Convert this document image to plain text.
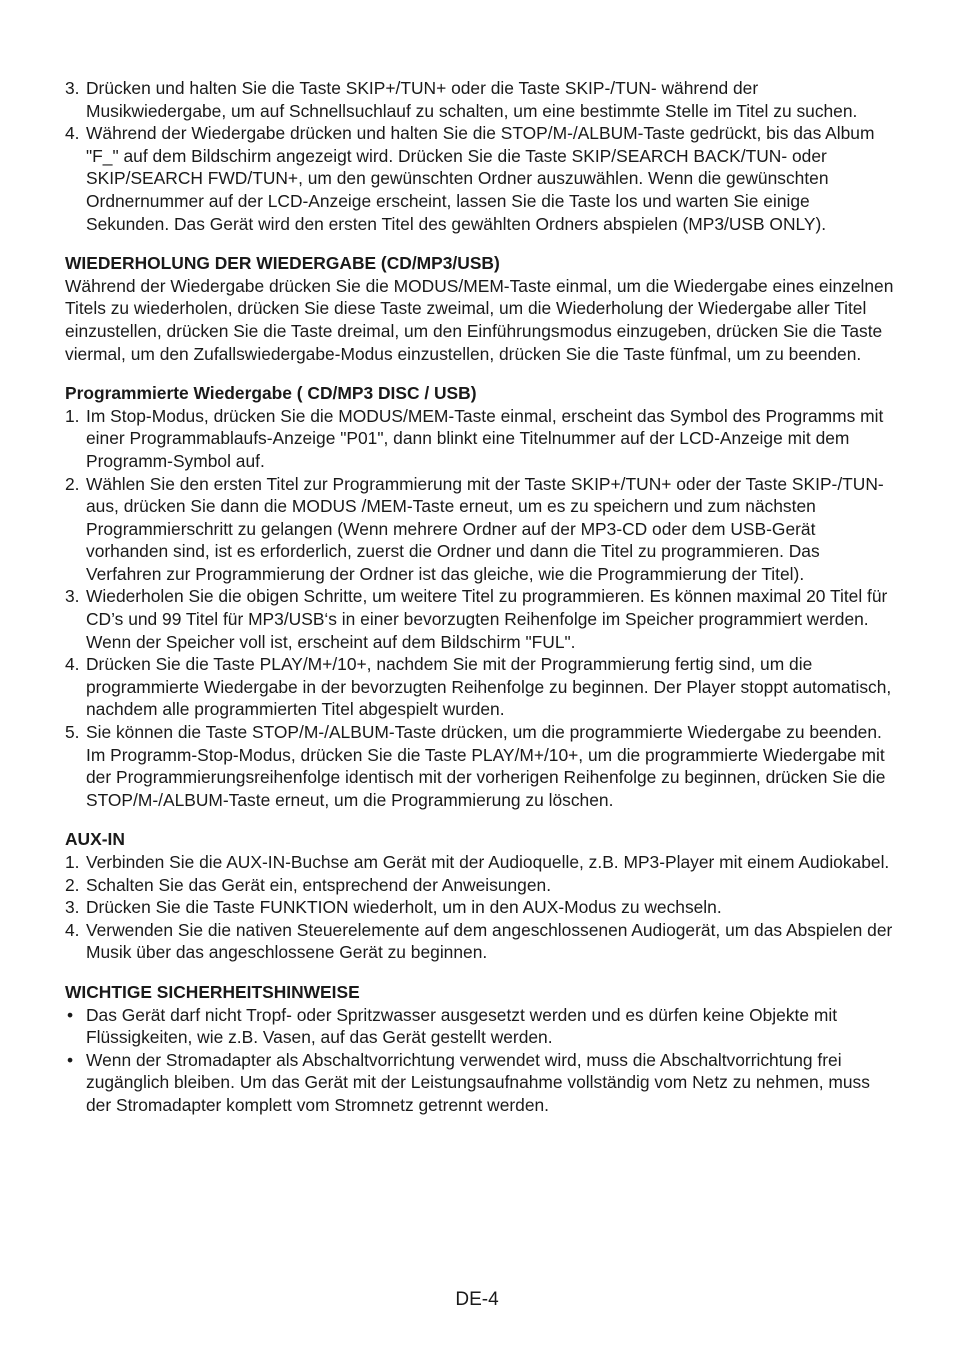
3. Drücken und halten Sie die Taste SKIP+/TUN+ oder die Taste SKIP-/TUN- während der Musikwiedergabe, um auf Schnellsuchlauf zu schalten, um eine bestimmte Stelle im Titel zu suchen.
4. Während der Wiedergabe drücken und halten Sie die STOP/M-/ALBUM-Taste gedrückt, bis das Album "F_" auf dem Bildschirm angezeigt wird. Drücken Sie die Taste SKIP/SEARCH BACK/TUN- oder SKIP/SEARCH FWD/TUN+, um den gewünschten Ordner auszuwählen. Wenn die gewünschten Ordnernummer auf der LCD-Anzeige erscheint, lassen Sie die Taste los und warten Sie einige Sekunden. Das Gerät wird den ersten Titel des gewählten Ordners abspielen (MP3/USB ONLY).
WIEDERHOLUNG DER WIEDERGABE (CD/MP3/USB)
Während der Wiedergabe drücken Sie die MODUS/MEM-Taste einmal, um die Wiedergabe eines einzelnen Titels zu wiederholen, drücken Sie diese Taste zweimal, um die Wiederholung der Wiedergabe aller Titel einzustellen, drücken Sie die Taste dreimal, um den Einführungsmodus einzugeben, drücken Sie die Taste viermal, um den Zufallswiedergabe-Modus einzustellen, drücken Sie die Taste fünfmal, um zu beenden.
Programmierte Wiedergabe ( CD/MP3 DISC / USB)
1. Im Stop-Modus, drücken Sie die MODUS/MEM-Taste einmal, erscheint das Symbol des Programms mit einer Programmablaufs-Anzeige "P01", dann blinkt eine Titelnummer auf der LCD-Anzeige mit dem Programm-Symbol auf.
2. Wählen Sie den ersten Titel zur Programmierung mit der Taste SKIP+/TUN+ oder der Taste SKIP-/TUN- aus, drücken Sie dann die MODUS /MEM-Taste erneut, um es zu speichern und zum nächsten Programmierschritt zu gelangen (Wenn mehrere Ordner auf der MP3-CD oder dem USB-Gerät vorhanden sind, ist es erforderlich, zuerst die Ordner und dann die Titel zu programmieren. Das Verfahren zur Programmierung der Ordner ist das gleiche, wie die Programmierung der Titel).
3. Wiederholen Sie die obigen Schritte, um weitere Titel zu programmieren. Es können maximal 20 Titel für CD’s und 99 Titel für MP3/USB‘s in einer bevorzugten Reihenfolge im Speicher programmiert werden. Wenn der Speicher voll ist, erscheint auf dem Bildschirm "FUL".
4. Drücken Sie die Taste PLAY/M+/10+, nachdem Sie mit der Programmierung fertig sind, um die programmierte Wiedergabe in der bevorzugten Reihenfolge zu beginnen. Der Player stoppt automatisch, nachdem alle programmierten Titel abgespielt wurden.
5. Sie können die Taste STOP/M-/ALBUM-Taste drücken, um die programmierte Wiedergabe zu beenden. Im Programm-Stop-Modus, drücken Sie die Taste PLAY/M+/10+, um die programmierte Wiedergabe mit der Programmierungsreihenfolge identisch mit der vorherigen Reihenfolge zu beginnen, drücken Sie die STOP/M-/ALBUM-Taste erneut, um die Programmierung zu löschen.
AUX-IN
1. Verbinden Sie die AUX-IN-Buchse am Gerät mit der Audioquelle, z.B. MP3-Player mit einem Audiokabel.
2. Schalten Sie das Gerät ein, entsprechend der Anweisungen.
3. Drücken Sie die Taste FUNKTION wiederholt, um in den AUX-Modus zu wechseln.
4. Verwenden Sie die nativen Steuerelemente auf dem angeschlossenen Audiogerät, um das Abspielen der Musik über das angeschlossene Gerät zu beginnen.
WICHTIGE SICHERHEITSHINWEISE
• Das Gerät darf nicht Tropf- oder Spritzwasser ausgesetzt werden und es dürfen keine Objekte mit Flüssigkeiten, wie z.B. Vasen, auf das Gerät gestellt werden.
• Wenn der Stromadapter als Abschaltvorrichtung verwendet wird, muss die Abschaltvorrichtung frei zugänglich bleiben. Um das Gerät mit der Leistungsaufnahme vollständig vom Netz zu nehmen, muss der Stromadapter komplett vom Stromnetz getrennt werden.
DE-4
